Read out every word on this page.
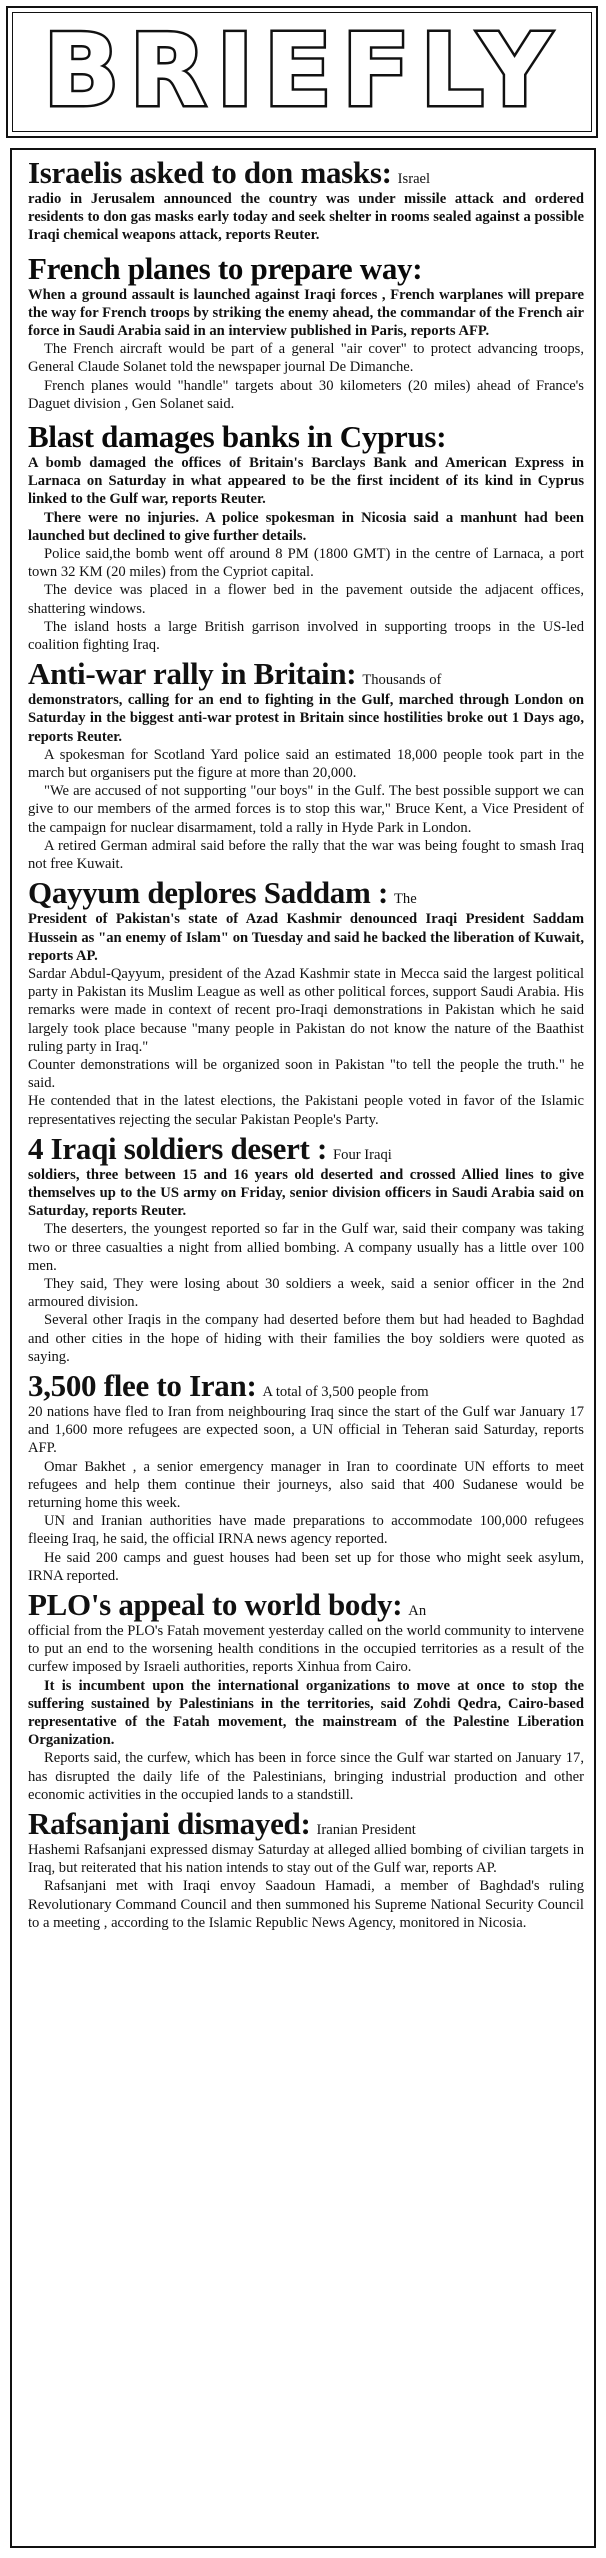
BRIEFLY

Israelis asked to don masks: Israel

radio in Jerusalem announced the country was under missile attack and ordered residents to don gas masks early today and seek shelter in rooms sealed against a possible Iraqi chemical weapons attack, reports Reuter.

French planes to prepare way:

When a ground assault is launched against Iraqi forces , French warplanes will prepare the way for French troops by striking the enemy ahead, the commandar of the French air force in Saudi Arabia said in an interview published in Paris, reports AFP.

The French aircraft would be part of a general "air cover" to protect advancing troops, General Claude Solanet told the newspaper journal De Dimanche.

French planes would "handle" targets about 30 kilometers (20 miles) ahead of France's Daguet division , Gen Solanet said.

Blast damages banks in Cyprus:

A bomb damaged the offices of Britain's Barclays Bank and American Express in Larnaca on Saturday in what appeared to be the first incident of its kind in Cyprus linked to the Gulf war, reports Reuter.

There were no injuries. A police spokesman in Nicosia said a manhunt had been launched but declined to give further details.

Police said,the bomb went off around 8 PM (1800 GMT) in the centre of Larnaca, a port town 32 KM (20 miles) from the Cypriot capital.

The device was placed in a flower bed in the pavement outside the adjacent offices, shattering windows.

The island hosts a large British garrison involved in supporting troops in the US-led coalition fighting Iraq.

Anti-war rally in Britain: Thousands of

demonstrators, calling for an end to fighting in the Gulf, marched through London on Saturday in the biggest anti-war protest in Britain since hostilities broke out 1 Days ago, reports Reuter.

A spokesman for Scotland Yard police said an estimated 18,000 people took part in the march but organisers put the figure at more than 20,000.

"We are accused of not supporting "our boys" in the Gulf. The best possible support we can give to our members of the armed forces is to stop this war," Bruce Kent, a Vice President of the campaign for nuclear disarmament, told a rally in Hyde Park in London.

A retired German admiral said before the rally that the war was being fought to smash Iraq not free Kuwait.

Qayyum deplores Saddam : The

President of Pakistan's state of Azad Kashmir denounced Iraqi President Saddam Hussein as "an enemy of Islam" on Tuesday and said he backed the liberation of Kuwait, reports AP.

Sardar Abdul-Qayyum, president of the Azad Kashmir state in Mecca said the largest political party in Pakistan its Muslim League as well as other political forces, support Saudi Arabia. His remarks were made in context of recent pro-Iraqi demonstrations in Pakistan which he said largely took place because "many people in Pakistan do not know the nature of the Baathist ruling party in Iraq."

Counter demonstrations will be organized soon in Pakistan "to tell the people the truth." he said.

He contended that in the latest elections, the Pakistani people voted in favor of the Islamic representatives rejecting the secular Pakistan People's Party.

4 Iraqi soldiers desert : Four Iraqi

soldiers, three between 15 and 16 years old deserted and crossed Allied lines to give themselves up to the US army on Friday, senior division officers in Saudi Arabia said on Saturday, reports Reuter.

The deserters, the youngest reported so far in the Gulf war, said their company was taking two or three casualties a night from allied bombing. A company usually has a little over 100 men.

They said, They were losing about 30 soldiers a week, said a senior officer in the 2nd armoured division.

Several other Iraqis in the company had deserted before them but had headed to Baghdad and other cities in the hope of hiding with their families the boy soldiers were quoted as saying.

3,500 flee to Iran: A total of 3,500 people from

20 nations have fled to Iran from neighbouring Iraq since the start of the Gulf war January 17 and 1,600 more refugees are expected soon, a UN official in Teheran said Saturday, reports AFP.

Omar Bakhet , a senior emergency manager in Iran to coordinate UN efforts to meet refugees and help them continue their journeys, also said that 400 Sudanese would be returning home this week.

UN and Iranian authorities have made preparations to accommodate 100,000 refugees fleeing Iraq, he said, the official IRNA news agency reported.

He said 200 camps and guest houses had been set up for those who might seek asylum, IRNA reported.

PLO's appeal to world body: An

official from the PLO's Fatah movement yesterday called on the world community to intervene to put an end to the worsening health conditions in the occupied territories as a result of the curfew imposed by Israeli authorities, reports Xinhua from Cairo.

It is incumbent upon the international organizations to move at once to stop the suffering sustained by Palestinians in the territories, said Zohdi Qedra, Cairo-based representative of the Fatah movement, the mainstream of the Palestine Liberation Organization.

Reports said, the curfew, which has been in force since the Gulf war started on January 17, has disrupted the daily life of the Palestinians, bringing industrial production and other economic activities in the occupied lands to a standstill.

Rafsanjani dismayed: Iranian President

Hashemi Rafsanjani expressed dismay Saturday at alleged allied bombing of civilian targets in Iraq, but reiterated that his nation intends to stay out of the Gulf war, reports AP.

Rafsanjani met with Iraqi envoy Saadoun Hamadi, a member of Baghdad's ruling Revolutionary Command Council and then summoned his Supreme National Security Council to a meeting , according to the Islamic Republic News Agency, monitored in Nicosia.
